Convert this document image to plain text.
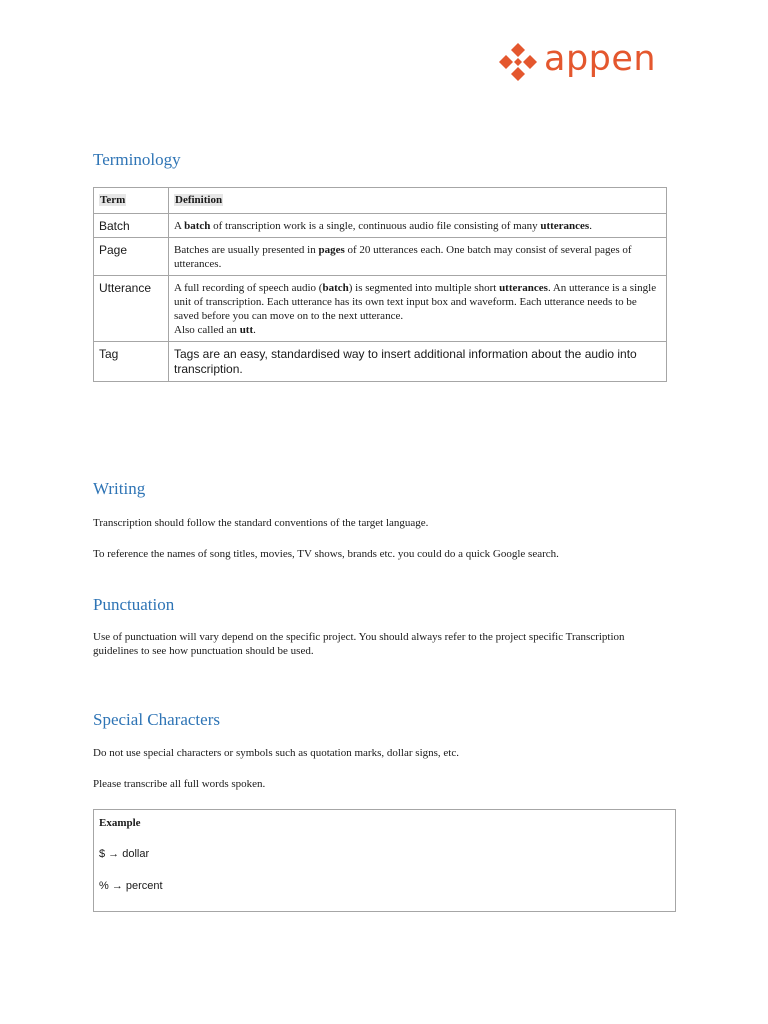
appen
Terminology
Term	Definition
Batch	A batch of transcription work is a single, continuous audio file consisting of many utterances.
Page	Batches are usually presented in pages of 20 utterances each. One batch may consist of several pages of utterances.
Utterance	A full recording of speech audio (batch) is segmented into multiple short utterances. An utterance is a single unit of transcription. Each utterance has its own text input box and waveform. Each utterance needs to be saved before you can move on to the next utterance.
Also called an utt.
Tag	Tags are an easy, standardised way to insert additional information about the audio into transcription.
Writing

Transcription should follow the standard conventions of the target language.

To reference the names of song titles, movies, TV shows, brands etc. you could do a quick Google search.

Punctuation

Use of punctuation will vary depend on the specific project. You should always refer to the project specific Transcription guidelines to see how punctuation should be used.

Special Characters

Do not use special characters or symbols such as quotation marks, dollar signs, etc.

Please transcribe all full words spoken.

Example
$ → dollar
% → percent
